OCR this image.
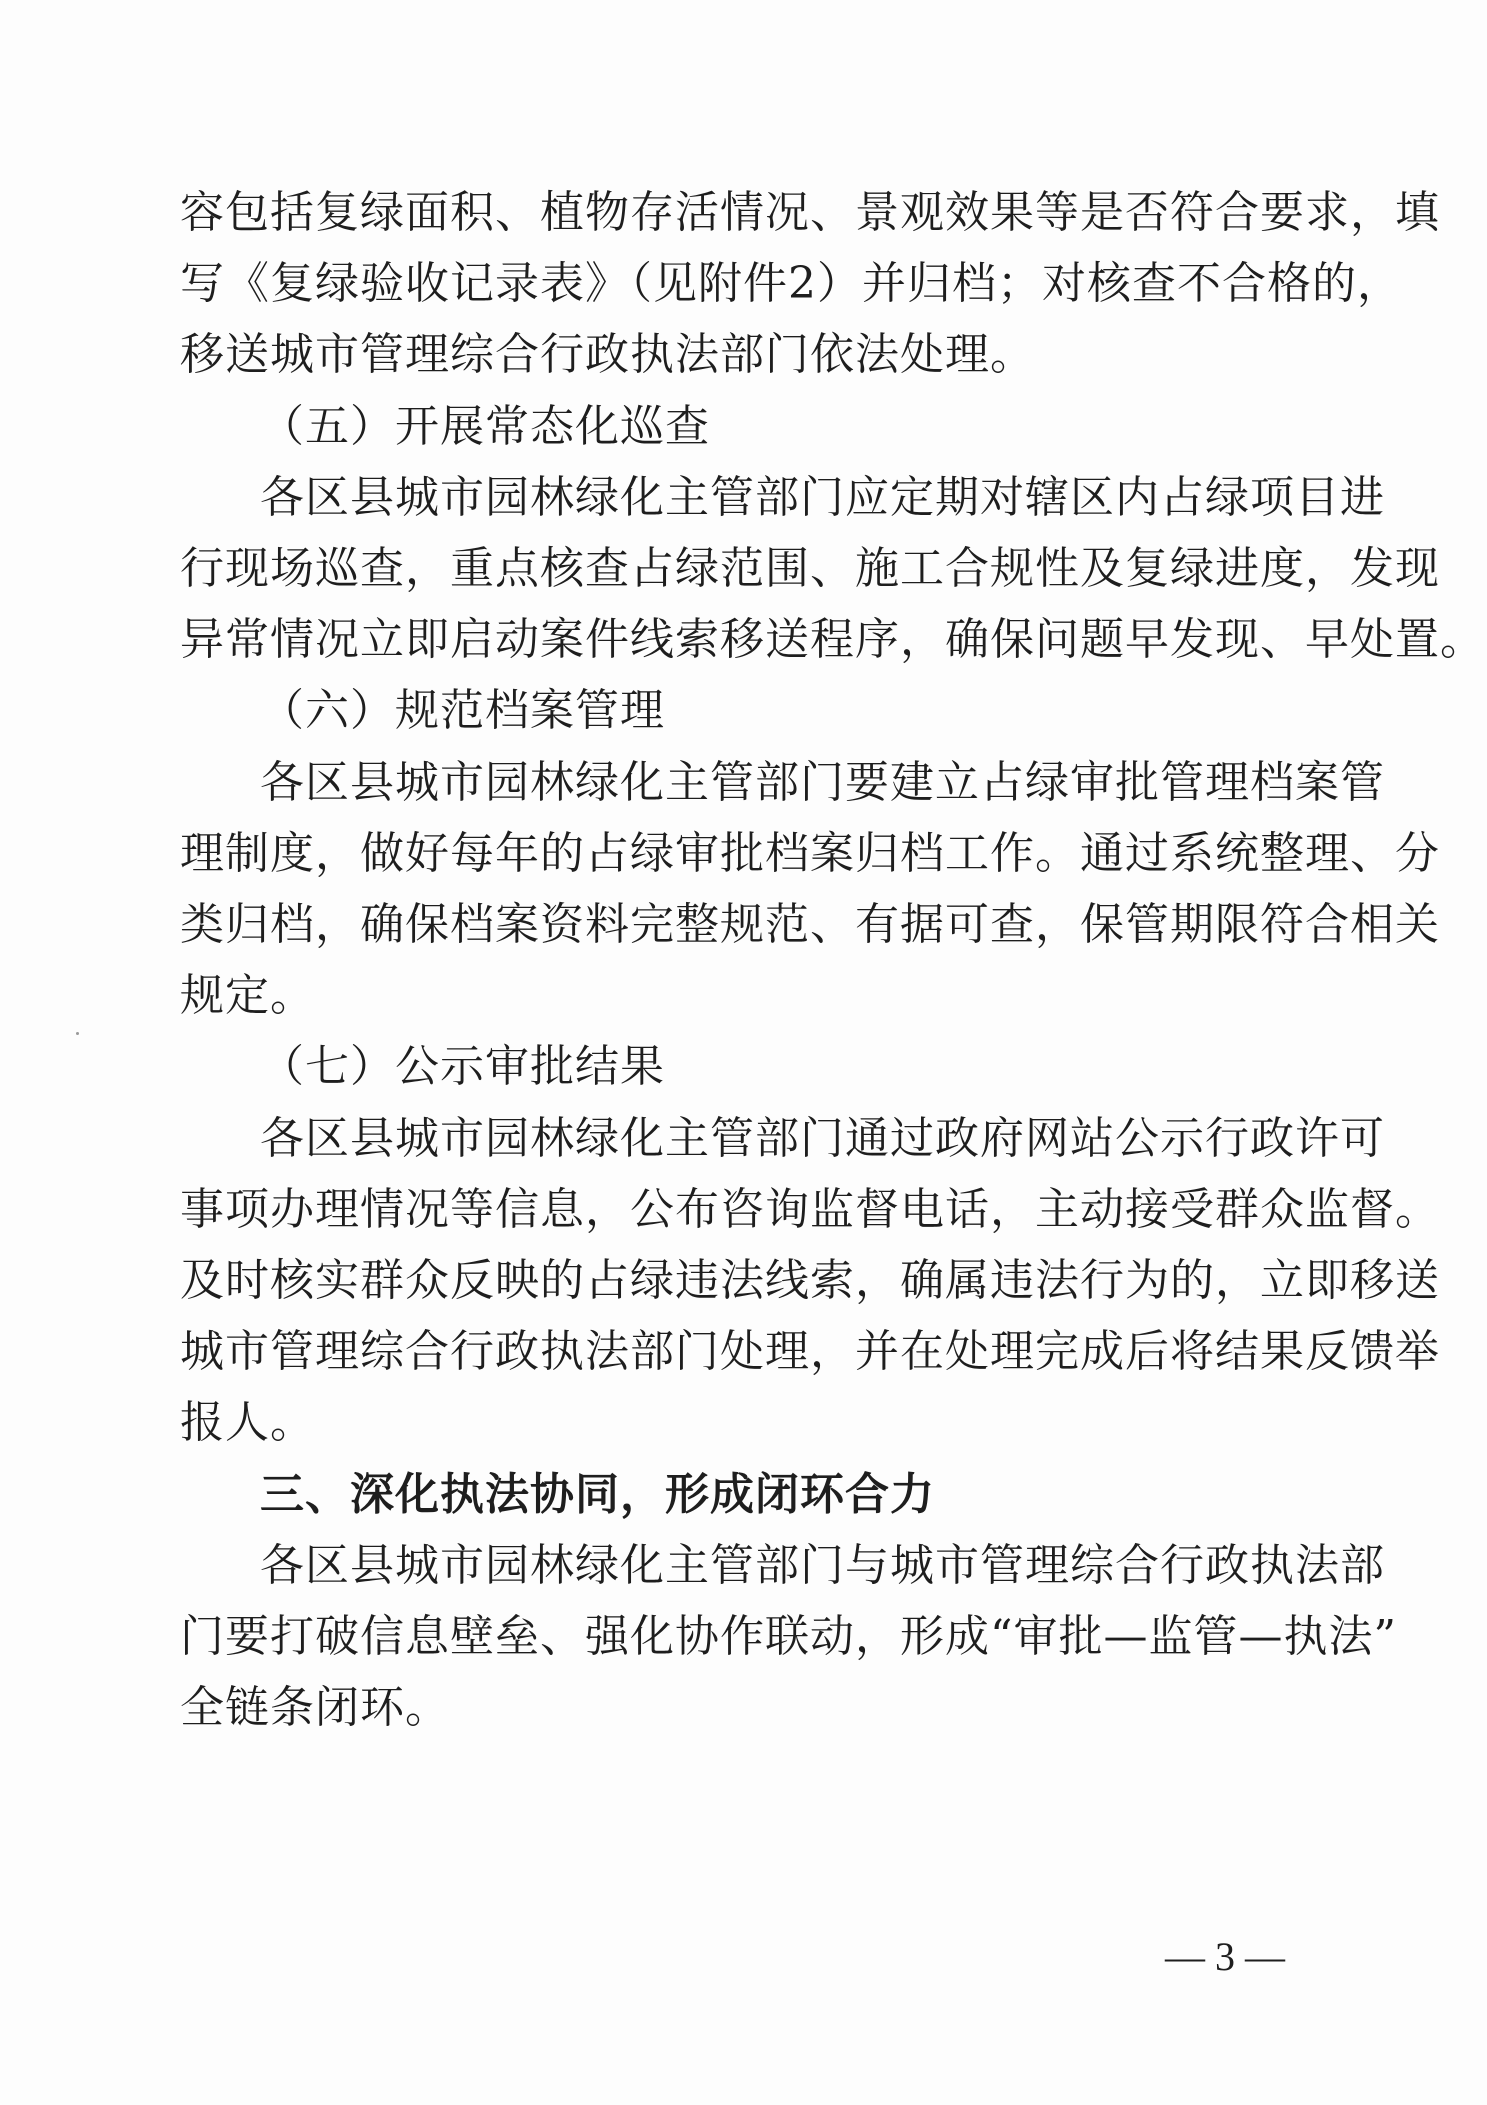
容包括复绿面积、植物存活情况、景观效果等是否符合要求，填
写《复绿验收记录表》（见附件2）并归档；对核查不合格的，
移送城市管理综合行政执法部门依法处理。
（五）开展常态化巡查
各区县城市园林绿化主管部门应定期对辖区内占绿项目进
行现场巡查，重点核查占绿范围、施工合规性及复绿进度，发现
异常情况立即启动案件线索移送程序，确保问题早发现、早处置。
（六）规范档案管理
各区县城市园林绿化主管部门要建立占绿审批管理档案管
理制度，做好每年的占绿审批档案归档工作。通过系统整理、分
类归档，确保档案资料完整规范、有据可查，保管期限符合相关
规定。
（七）公示审批结果
各区县城市园林绿化主管部门通过政府网站公示行政许可
事项办理情况等信息，公布咨询监督电话，主动接受群众监督。
及时核实群众反映的占绿违法线索，确属违法行为的，立即移送
城市管理综合行政执法部门处理，并在处理完成后将结果反馈举
报人。
三、深化执法协同，形成闭环合力
各区县城市园林绿化主管部门与城市管理综合行政执法部
门要打破信息壁垒、强化协作联动，形成“审批—监管—执法”
全链条闭环。
— 3 —
